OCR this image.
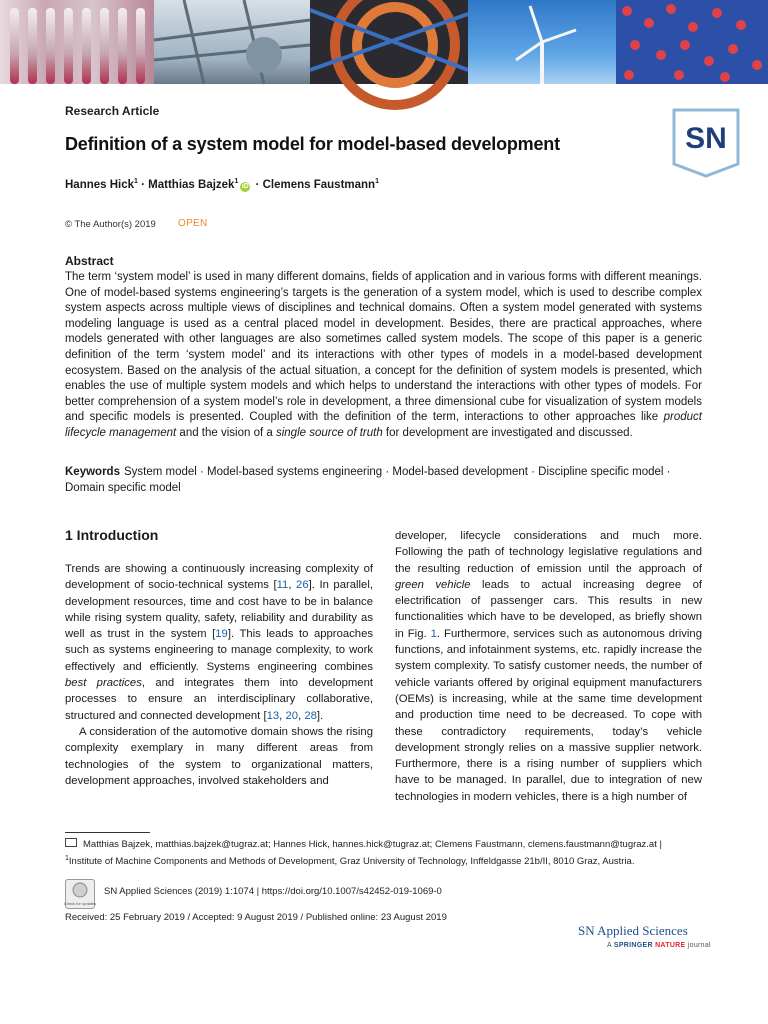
Research Article
Definition of a system model for model-based development
Hannes Hick$^1$ · Matthias Bajzek$^1$iD · Clemens Faustmann$^1$
© The Author(s) 2019 OPEN
SN
Abstract
The term ‘system model’ is used in many different domains, fields of application and in various forms with different meanings. One of model-based systems engineering’s targets is the generation of a system model, which is used to describe complex system aspects across multiple views of disciplines and technical domains. Often a system model generated with systems modeling language is used as a central placed model in development. Besides, there are practical approaches, where models generated with other languages are also sometimes called system models. The scope of this paper is a generic definition of the term ‘system model’ and its interactions with other types of models in a model-based development ecosystem. Based on the analysis of the actual situation, a concept for the definition of system models is presented, which enables the use of multiple system models and which helps to understand the interactions with other types of models. For better comprehension of a system model’s role in development, a three dimensional cube for visualization of system models and specific models is presented. Coupled with the definition of the term, interactions to other approaches like product lifecycle management and the vision of a single source of truth for development are investigated and discussed.
Keywords System model · Model-based systems engineering · Model-based development · Discipline specific model · Domain specific model
1 Introduction

Trends are showing a continuously increasing complexity of development of socio-technical systems [11, 26]. In parallel, development resources, time and cost have to be in balance while rising system quality, safety, reliability and durability as well as trust in the system [19]. This leads to approaches such as systems engineering to manage complexity, to work effectively and efficiently. Systems engineering combines best practices, and integrates them into development processes to ensure an interdisciplinary collaborative, structured and connected development [13, 20, 28].

A consideration of the automotive domain shows the rising complexity exemplary in many different areas from technologies of the system to organizational matters, development approaches, involved stakeholders and

developer, lifecycle considerations and much more. Following the path of technology legislative regulations and the resulting reduction of emission until the approach of green vehicle leads to actual increasing degree of electrification of passenger cars. This results in new functionalities which have to be developed, as briefly shown in Fig. 1. Furthermore, services such as autonomous driving functions, and infotainment systems, etc. rapidly increase the system complexity. To satisfy customer needs, the number of vehicle variants offered by original equipment manufacturers (OEMs) is increasing, while at the same time development and production time need to be decreased. To cope with these contradictory requirements, today’s vehicle development strongly relies on a massive supplier network. Furthermore, there is a rising number of suppliers which have to be managed. In parallel, due to integration of new technologies in modern vehicles, there is a high number of

Matthias Bajzek, matthias.bajzek@tugraz.at; Hannes Hick, hannes.hick@tugraz.at; Clemens Faustmann, clemens.faustmann@tugraz.at |
$^1$Institute of Machine Components and Methods of Development, Graz University of Technology, Inffeldgasse 21b/II, 8010 Graz, Austria.
Check for updates
SN Applied Sciences (2019) 1:1074 | https://doi.org/10.1007/s42452-019-1069-0
Received: 25 February 2019 / Accepted: 9 August 2019 / Published online: 23 August 2019
SN Applied Sciences
A SPRINGER NATURE journal
